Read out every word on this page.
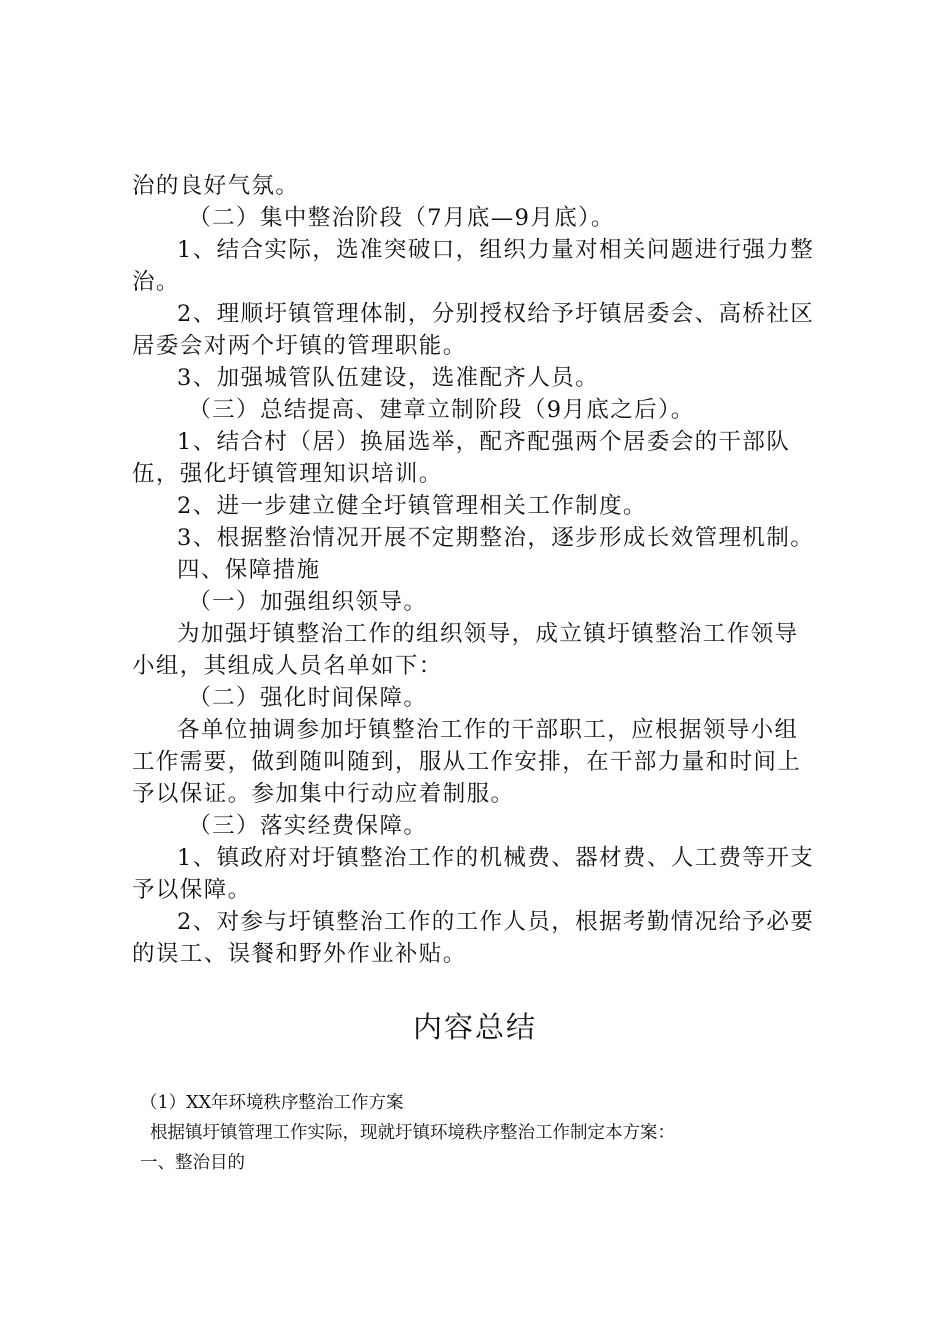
治的良好气氛。

（二）集中整治阶段（7月底—9月底）。

1、结合实际，选准突破口，组织力量对相关问题进行强力整治。

2、理顺圩镇管理体制，分别授权给予圩镇居委会、高桥社区居委会对两个圩镇的管理职能。

3、加强城管队伍建设，选准配齐人员。

（三）总结提高、建章立制阶段（9月底之后）。

1、结合村（居）换届选举，配齐配强两个居委会的干部队伍，强化圩镇管理知识培训。

2、进一步建立健全圩镇管理相关工作制度。

3、根据整治情况开展不定期整治，逐步形成长效管理机制。

四、保障措施

（一）加强组织领导。

为加强圩镇整治工作的组织领导，成立镇圩镇整治工作领导小组，其组成人员名单如下：

（二）强化时间保障。

各单位抽调参加圩镇整治工作的干部职工，应根据领导小组工作需要，做到随叫随到，服从工作安排，在干部力量和时间上予以保证。参加集中行动应着制服。

（三）落实经费保障。

1、镇政府对圩镇整治工作的机械费、器材费、人工费等开支予以保障。

2、对参与圩镇整治工作的工作人员，根据考勤情况给予必要的误工、误餐和野外作业补贴。

内容总结

（1）XX年环境秩序整治工作方案

根据镇圩镇管理工作实际，现就圩镇环境秩序整治工作制定本方案：

一、整治目的
